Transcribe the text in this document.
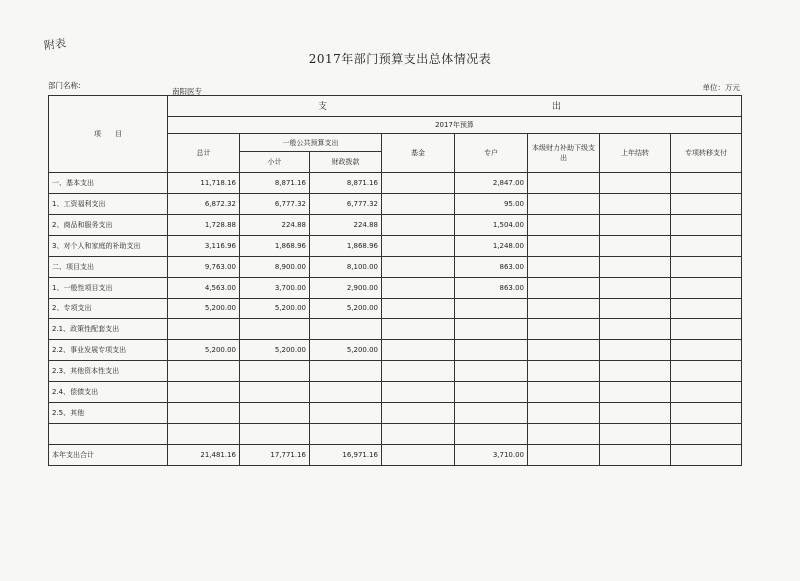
附表
2017年部门预算支出总体情况表
部门名称:
南阳医专	单位：万元
项　　目	支　　　　　出							
	2017年预算							
	总计	一般公共预算支出		基金	专户	本级财力补助下级支出	上年结转	专项转移支付
		小计	财政拨款					
一、基本支出	11,718.16	8,871.16	8,871.16		2,847.00			
1、工资福利支出	6,872.32	6,777.32	6,777.32		95.00			
2、商品和服务支出	1,728.88	224.88	224.88		1,504.00			
3、对个人和家庭的补助支出	3,116.96	1,868.96	1,868.96		1,248.00			
二、项目支出	9,763.00	8,900.00	8,100.00		863.00			
1、一般性项目支出	4,563.00	3,700.00	2,900.00		863.00			
2、专项支出	5,200.00	5,200.00	5,200.00					
2.1、政策性配套支出								
2.2、事业发展专项支出	5,200.00	5,200.00	5,200.00					
2.3、其他资本性支出								
2.4、偿债支出								
2.5、其他								

本年支出合计	21,481.16	17,771.16	16,971.16		3,710.00			
